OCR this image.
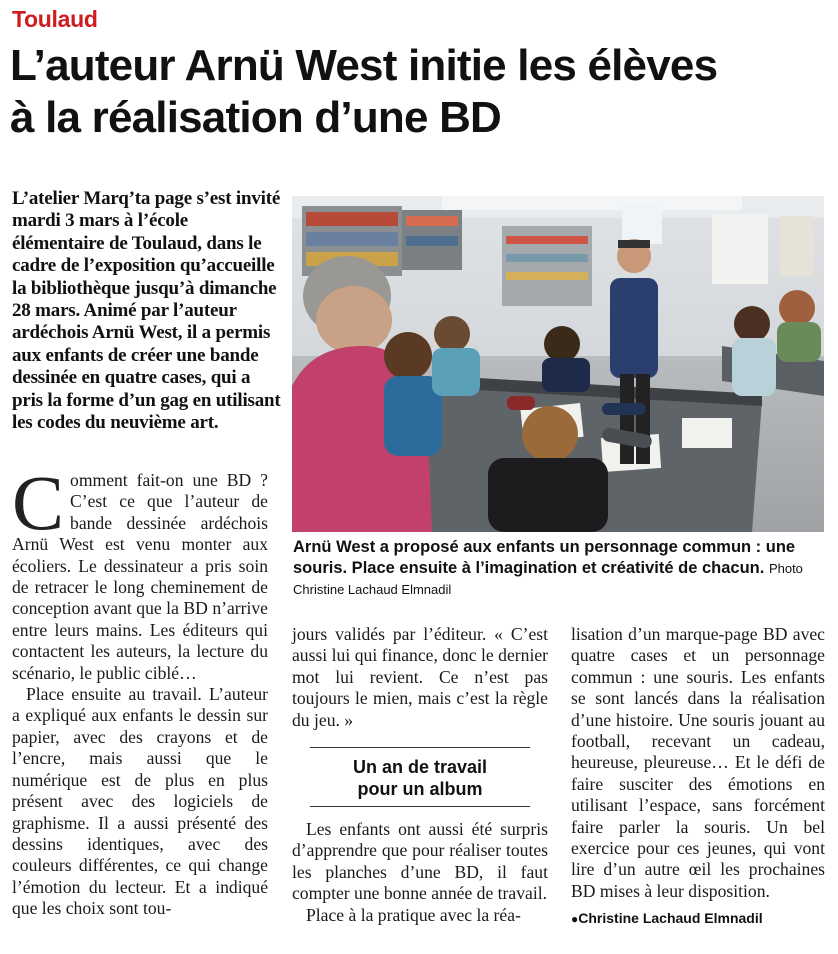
Toulaud
L’auteur Arnü West initie les élèves
à la réalisation d’une BD

L’atelier Marq’ta page s’est invité mardi 3 mars à l’école élémentaire de Toulaud, dans le cadre de l’exposition qu’accueille la bibliothèque jusqu’à dimanche 28 mars. Animé par l’auteur ardéchois Arnü West, il a permis aux enfants de créer une bande dessinée en quatre cases, qui a pris la forme d’un gag en utilisant les codes du neuvième art.

Arnü West a proposé aux enfants un personnage commun : une souris. Place ensuite à l’imagination et créativité de chacun. Photo Christine Lachaud Elmnadil

Comment fait-on une BD ? C’est ce que l’auteur de bande dessinée ardéchois Arnü West est venu monter aux écoliers. Le dessinateur a pris soin de retracer le long cheminement de conception avant que la BD n’arrive entre leurs mains. Les éditeurs qui contactent les auteurs, la lecture du scénario, le public ciblé…

Place ensuite au travail. L’auteur a expliqué aux enfants le dessin sur papier, avec des crayons et de l’encre, mais aussi que le numérique est de plus en plus présent avec des logiciels de graphisme. Il a aussi présenté des dessins identiques, avec des couleurs différentes, ce qui change l’émotion du lecteur. Et a indiqué que les choix sont tou-

jours validés par l’éditeur. « C’est aussi lui qui finance, donc le dernier mot lui revient. Ce n’est pas toujours le mien, mais c’est la règle du jeu. »

Un an de travail
pour un album

Les enfants ont aussi été surpris d’apprendre que pour réaliser toutes les planches d’une BD, il faut compter une bonne année de travail.

Place à la pratique avec la réa-

lisation d’un marque-page BD avec quatre cases et un personnage commun : une souris. Les enfants se sont lancés dans la réalisation d’une histoire. Une souris jouant au football, recevant un cadeau, heureuse, pleureuse… Et le défi de faire susciter des émotions en utilisant l’espace, sans forcément faire parler la souris. Un bel exercice pour ces jeunes, qui vont lire d’un autre œil les prochaines BD mises à leur disposition.

●Christine Lachaud Elmnadil
